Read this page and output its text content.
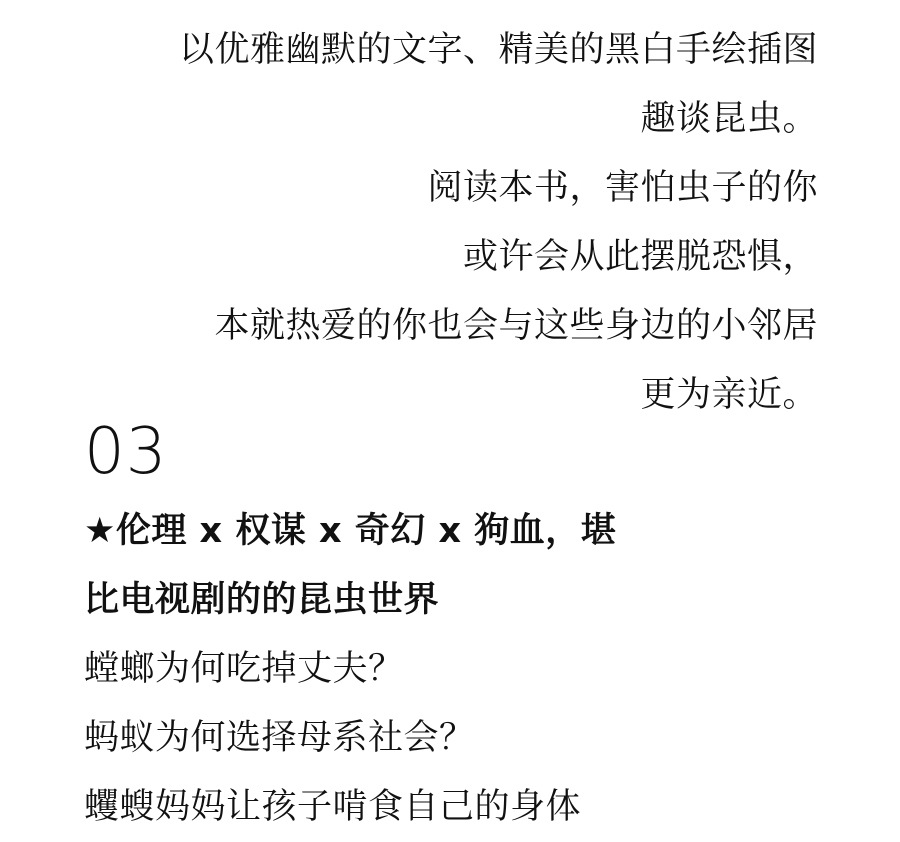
以优雅幽默的文字、精美的黑白手绘插图
趣谈昆虫。
阅读本书，害怕虫子的你
或许会从此摆脱恐惧，
本就热爱的你也会与这些身边的小邻居
更为亲近。
03
★伦理 x 权谋 x 奇幻 x 狗血，堪
比电视剧的的昆虫世界
螳螂为何吃掉丈夫？
蚂蚁为何选择母系社会？
蠼螋妈妈让孩子啃食自己的身体
